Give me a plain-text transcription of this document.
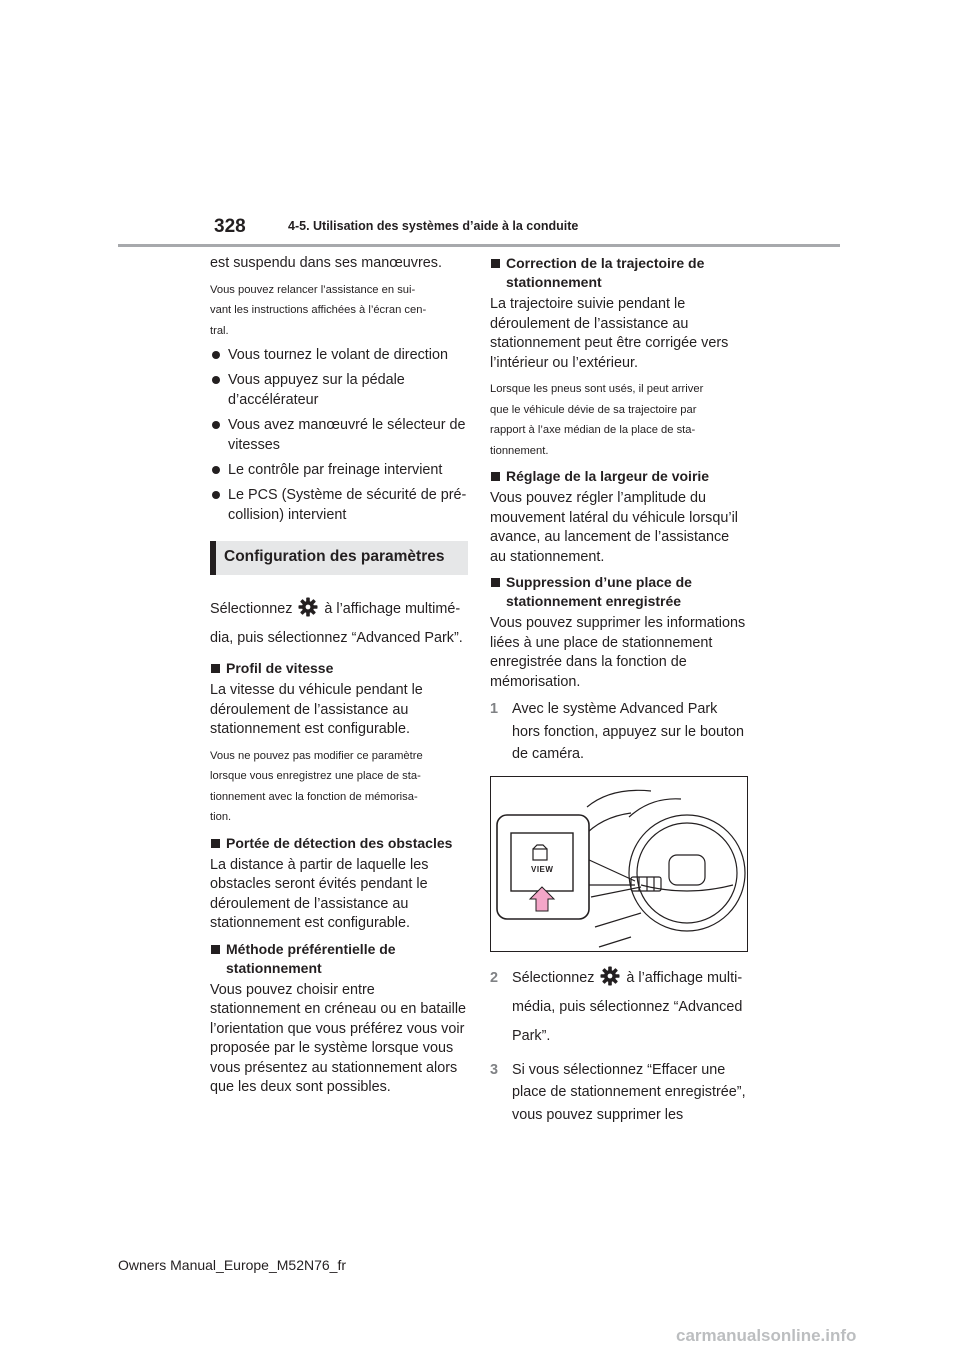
328	4-5. Utilisation des systèmes d’aide à la conduite

est suspendu dans ses manœuvres.

Vous pouvez relancer l’assistance en sui-
vant les instructions affichées à l’écran cen-
tral.

Vous tournez le volant de direction
Vous appuyez sur la pédale d’accélérateur
Vous avez manœuvré le sélecteur de vitesses
Le contrôle par freinage intervient
Le PCS (Système de sécurité de pré-collision) intervient
Configuration des paramètres

Sélectionnez à l’affichage multimé-
dia, puis sélectionnez “Advanced Park”.

Profil de vitesse

La vitesse du véhicule pendant le déroulement de l’assistance au stationnement est configurable.

Vous ne pouvez pas modifier ce paramètre
lorsque vous enregistrez une place de sta-
tionnement avec la fonction de mémorisa-
tion.

Portée de détection des obstacles

La distance à partir de laquelle les obstacles seront évités pendant le déroulement de l’assistance au stationnement est configurable.

Méthode préférentielle de stationnement

Vous pouvez choisir entre stationnement en créneau ou en bataille l’orientation que vous préférez vous voir proposée par le système lorsque vous vous présentez au stationnement alors que les deux sont possibles.

Correction de la trajectoire de stationnement

La trajectoire suivie pendant le déroulement de l’assistance au stationnement peut être corrigée vers l’intérieur ou l’extérieur.

Lorsque les pneus sont usés, il peut arriver
que le véhicule dévie de sa trajectoire par
rapport à l’axe médian de la place de sta-
tionnement.

Réglage de la largeur de voirie

Vous pouvez régler l’amplitude du mouvement latéral du véhicule lorsqu’il avance, au lancement de l’assistance au stationnement.

Suppression d’une place de stationnement enregistrée

Vous pouvez supprimer les informations liées à une place de stationnement enregistrée dans la fonction de mémorisation.

1 Avec le système Advanced Park hors fonction, appuyez sur le bouton de caméra.
VIEW
2 Sélectionnez à l’affichage multi- média, puis sélectionnez “Advanced Park”.
3 Si vous sélectionnez “Effacer une place de stationnement enregistrée”, vous pouvez supprimer les
Owners Manual_Europe_M52N76_fr
carmanualsonline.info
